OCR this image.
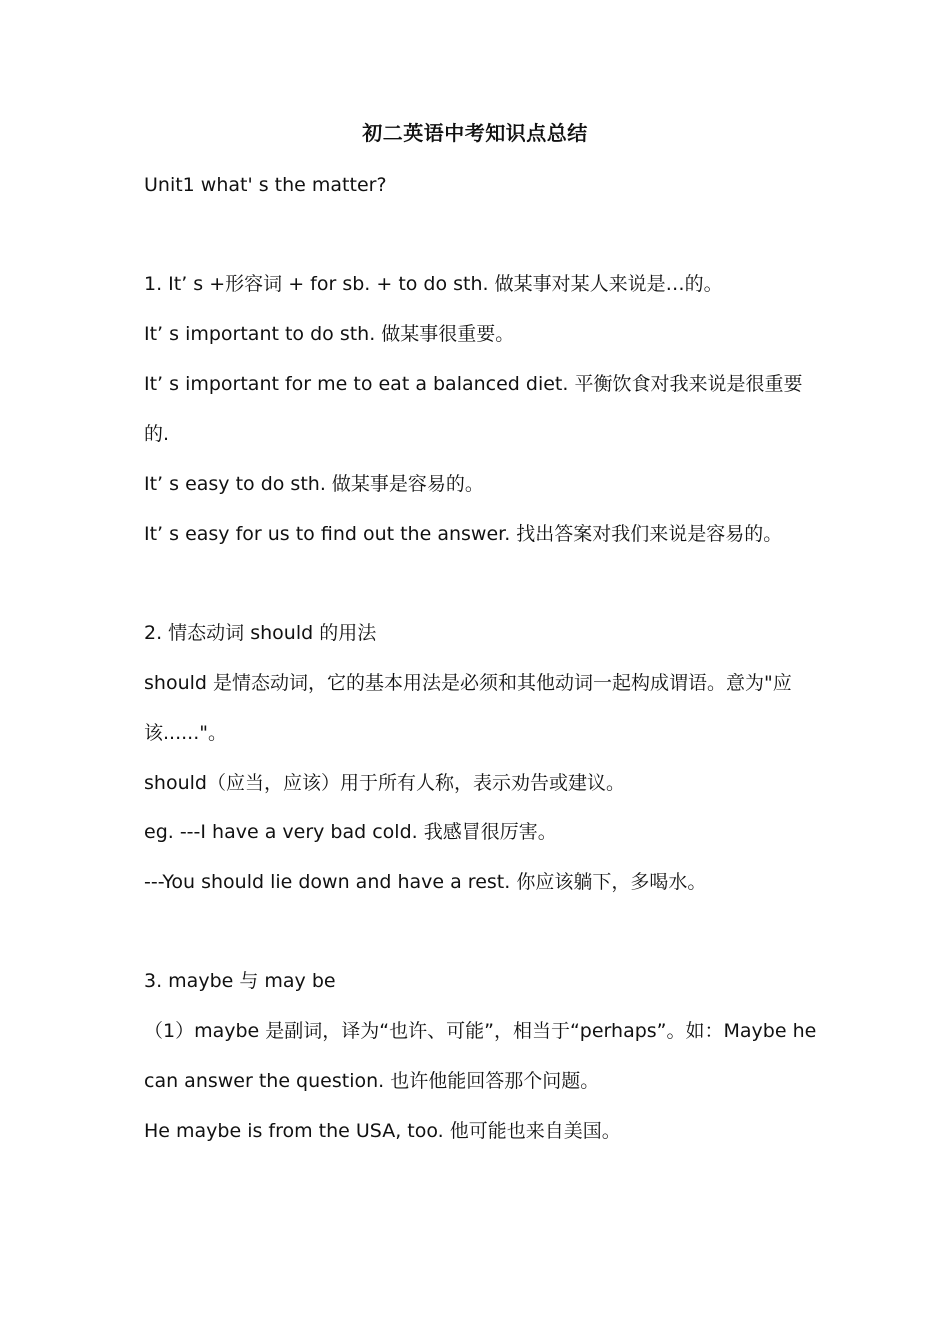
初二英语中考知识点总结
Unit1 what' s the matter?
1. It’ s +形容词 + for sb. + to do sth. 做某事对某人来说是…的。
It’ s important to do sth. 做某事很重要。
It’ s important for me to eat a balanced diet. 平衡饮食对我来说是很重要
的.
It’ s easy to do sth. 做某事是容易的。
It’ s easy for us to find out the answer. 找出答案对我们来说是容易的。
2. 情态动词 should 的用法
should 是情态动词，它的基本用法是必须和其他动词一起构成谓语。意为"应
该......"。
should（应当，应该）用于所有人称，表示劝告或建议。
eg. ---I have a very bad cold. 我感冒很厉害。
---You should lie down and have a rest. 你应该躺下，多喝水。
3. maybe 与 may be
（1）maybe 是副词，译为“也许、可能”，相当于“perhaps”。如：Maybe he
can answer the question. 也许他能回答那个问题。
He maybe is from the USA, too. 他可能也来自美国。
